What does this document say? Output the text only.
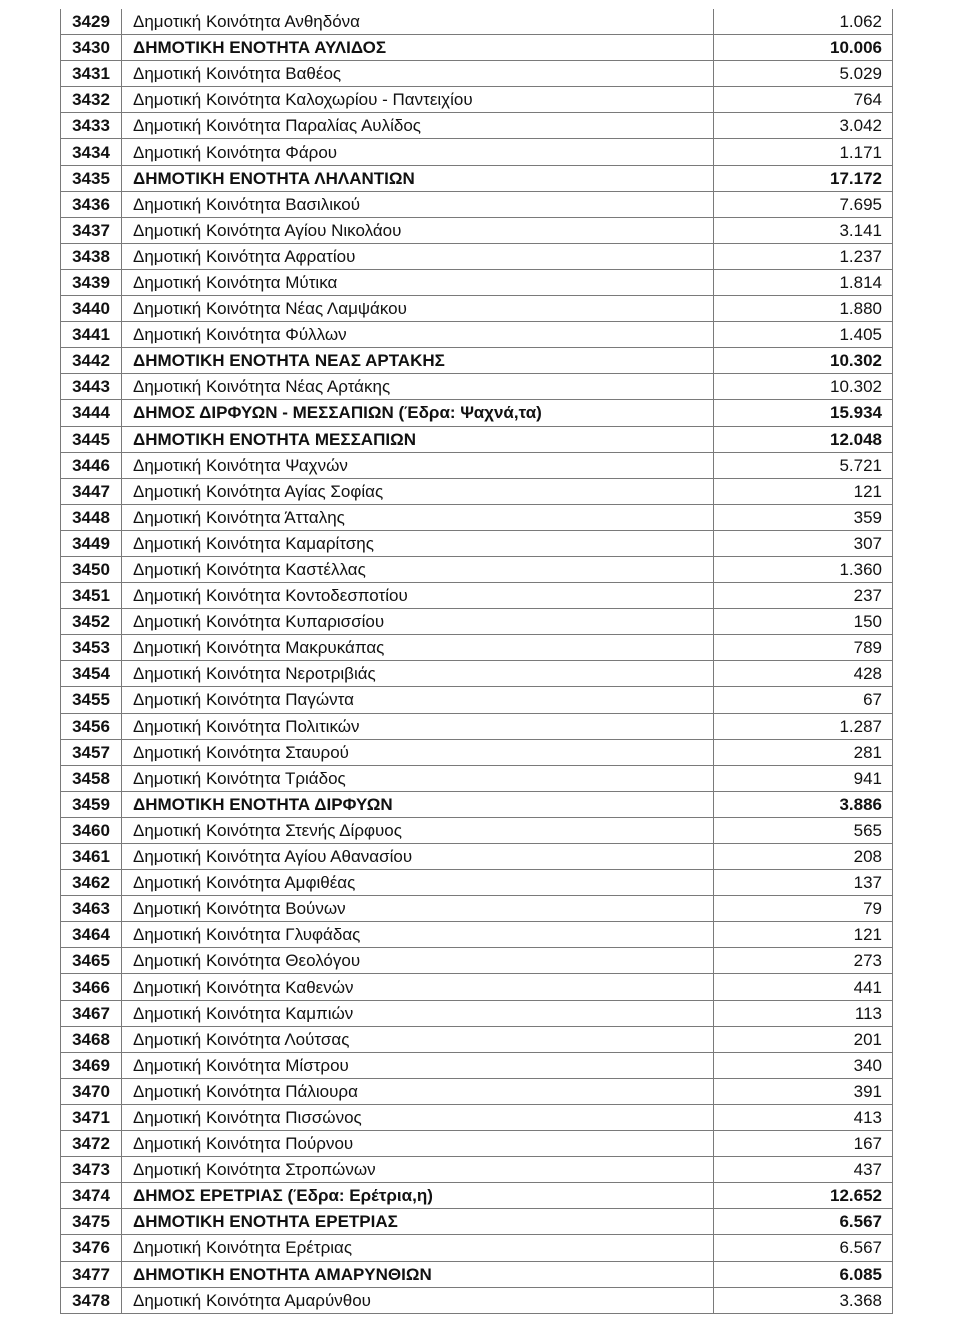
3429	Δημοτική Κοινότητα Ανθηδόνα	1.062
3430	ΔΗΜΟΤΙΚΗ ΕΝΟΤΗΤΑ ΑΥΛΙΔΟΣ	10.006
3431	Δημοτική Κοινότητα Βαθέος	5.029
3432	Δημοτική Κοινότητα Καλοχωρίου - Παντειχίου	764
3433	Δημοτική Κοινότητα Παραλίας Αυλίδος	3.042
3434	Δημοτική Κοινότητα Φάρου	1.171
3435	ΔΗΜΟΤΙΚΗ ΕΝΟΤΗΤΑ ΛΗΛΑΝΤΙΩΝ	17.172
3436	Δημοτική Κοινότητα Βασιλικού	7.695
3437	Δημοτική Κοινότητα Αγίου Νικολάου	3.141
3438	Δημοτική Κοινότητα Αφρατίου	1.237
3439	Δημοτική Κοινότητα Μύτικα	1.814
3440	Δημοτική Κοινότητα Νέας Λαμψάκου	1.880
3441	Δημοτική Κοινότητα Φύλλων	1.405
3442	ΔΗΜΟΤΙΚΗ ΕΝΟΤΗΤΑ ΝΕΑΣ ΑΡΤΑΚΗΣ	10.302
3443	Δημοτική Κοινότητα Νέας Αρτάκης	10.302
3444	ΔΗΜΟΣ ΔΙΡΦΥΩΝ - ΜΕΣΣΑΠΙΩΝ (Έδρα: Ψαχνά,τα)	15.934
3445	ΔΗΜΟΤΙΚΗ ΕΝΟΤΗΤΑ ΜΕΣΣΑΠΙΩΝ	12.048
3446	Δημοτική Κοινότητα Ψαχνών	5.721
3447	Δημοτική Κοινότητα Αγίας Σοφίας	121
3448	Δημοτική Κοινότητα Άτταλης	359
3449	Δημοτική Κοινότητα Καμαρίτσης	307
3450	Δημοτική Κοινότητα Καστέλλας	1.360
3451	Δημοτική Κοινότητα Κοντοδεσποτίου	237
3452	Δημοτική Κοινότητα Κυπαρισσίου	150
3453	Δημοτική Κοινότητα Μακρυκάπας	789
3454	Δημοτική Κοινότητα Νεροτριβιάς	428
3455	Δημοτική Κοινότητα Παγώντα	67
3456	Δημοτική Κοινότητα Πολιτικών	1.287
3457	Δημοτική Κοινότητα Σταυρού	281
3458	Δημοτική Κοινότητα Τριάδος	941
3459	ΔΗΜΟΤΙΚΗ ΕΝΟΤΗΤΑ ΔΙΡΦΥΩΝ	3.886
3460	Δημοτική Κοινότητα Στενής Δίρφυος	565
3461	Δημοτική Κοινότητα Αγίου Αθανασίου	208
3462	Δημοτική Κοινότητα Αμφιθέας	137
3463	Δημοτική Κοινότητα Βούνων	79
3464	Δημοτική Κοινότητα Γλυφάδας	121
3465	Δημοτική Κοινότητα Θεολόγου	273
3466	Δημοτική Κοινότητα Καθενών	441
3467	Δημοτική Κοινότητα Καμπιών	113
3468	Δημοτική Κοινότητα Λούτσας	201
3469	Δημοτική Κοινότητα Μίστρου	340
3470	Δημοτική Κοινότητα Πάλιουρα	391
3471	Δημοτική Κοινότητα Πισσώνος	413
3472	Δημοτική Κοινότητα Πούρνου	167
3473	Δημοτική Κοινότητα Στροπώνων	437
3474	ΔΗΜΟΣ ΕΡΕΤΡΙΑΣ (Έδρα: Ερέτρια,η)	12.652
3475	ΔΗΜΟΤΙΚΗ ΕΝΟΤΗΤΑ ΕΡΕΤΡΙΑΣ	6.567
3476	Δημοτική Κοινότητα Ερέτριας	6.567
3477	ΔΗΜΟΤΙΚΗ ΕΝΟΤΗΤΑ ΑΜΑΡΥΝΘΙΩΝ	6.085
3478	Δημοτική Κοινότητα Αμαρύνθου	3.368
